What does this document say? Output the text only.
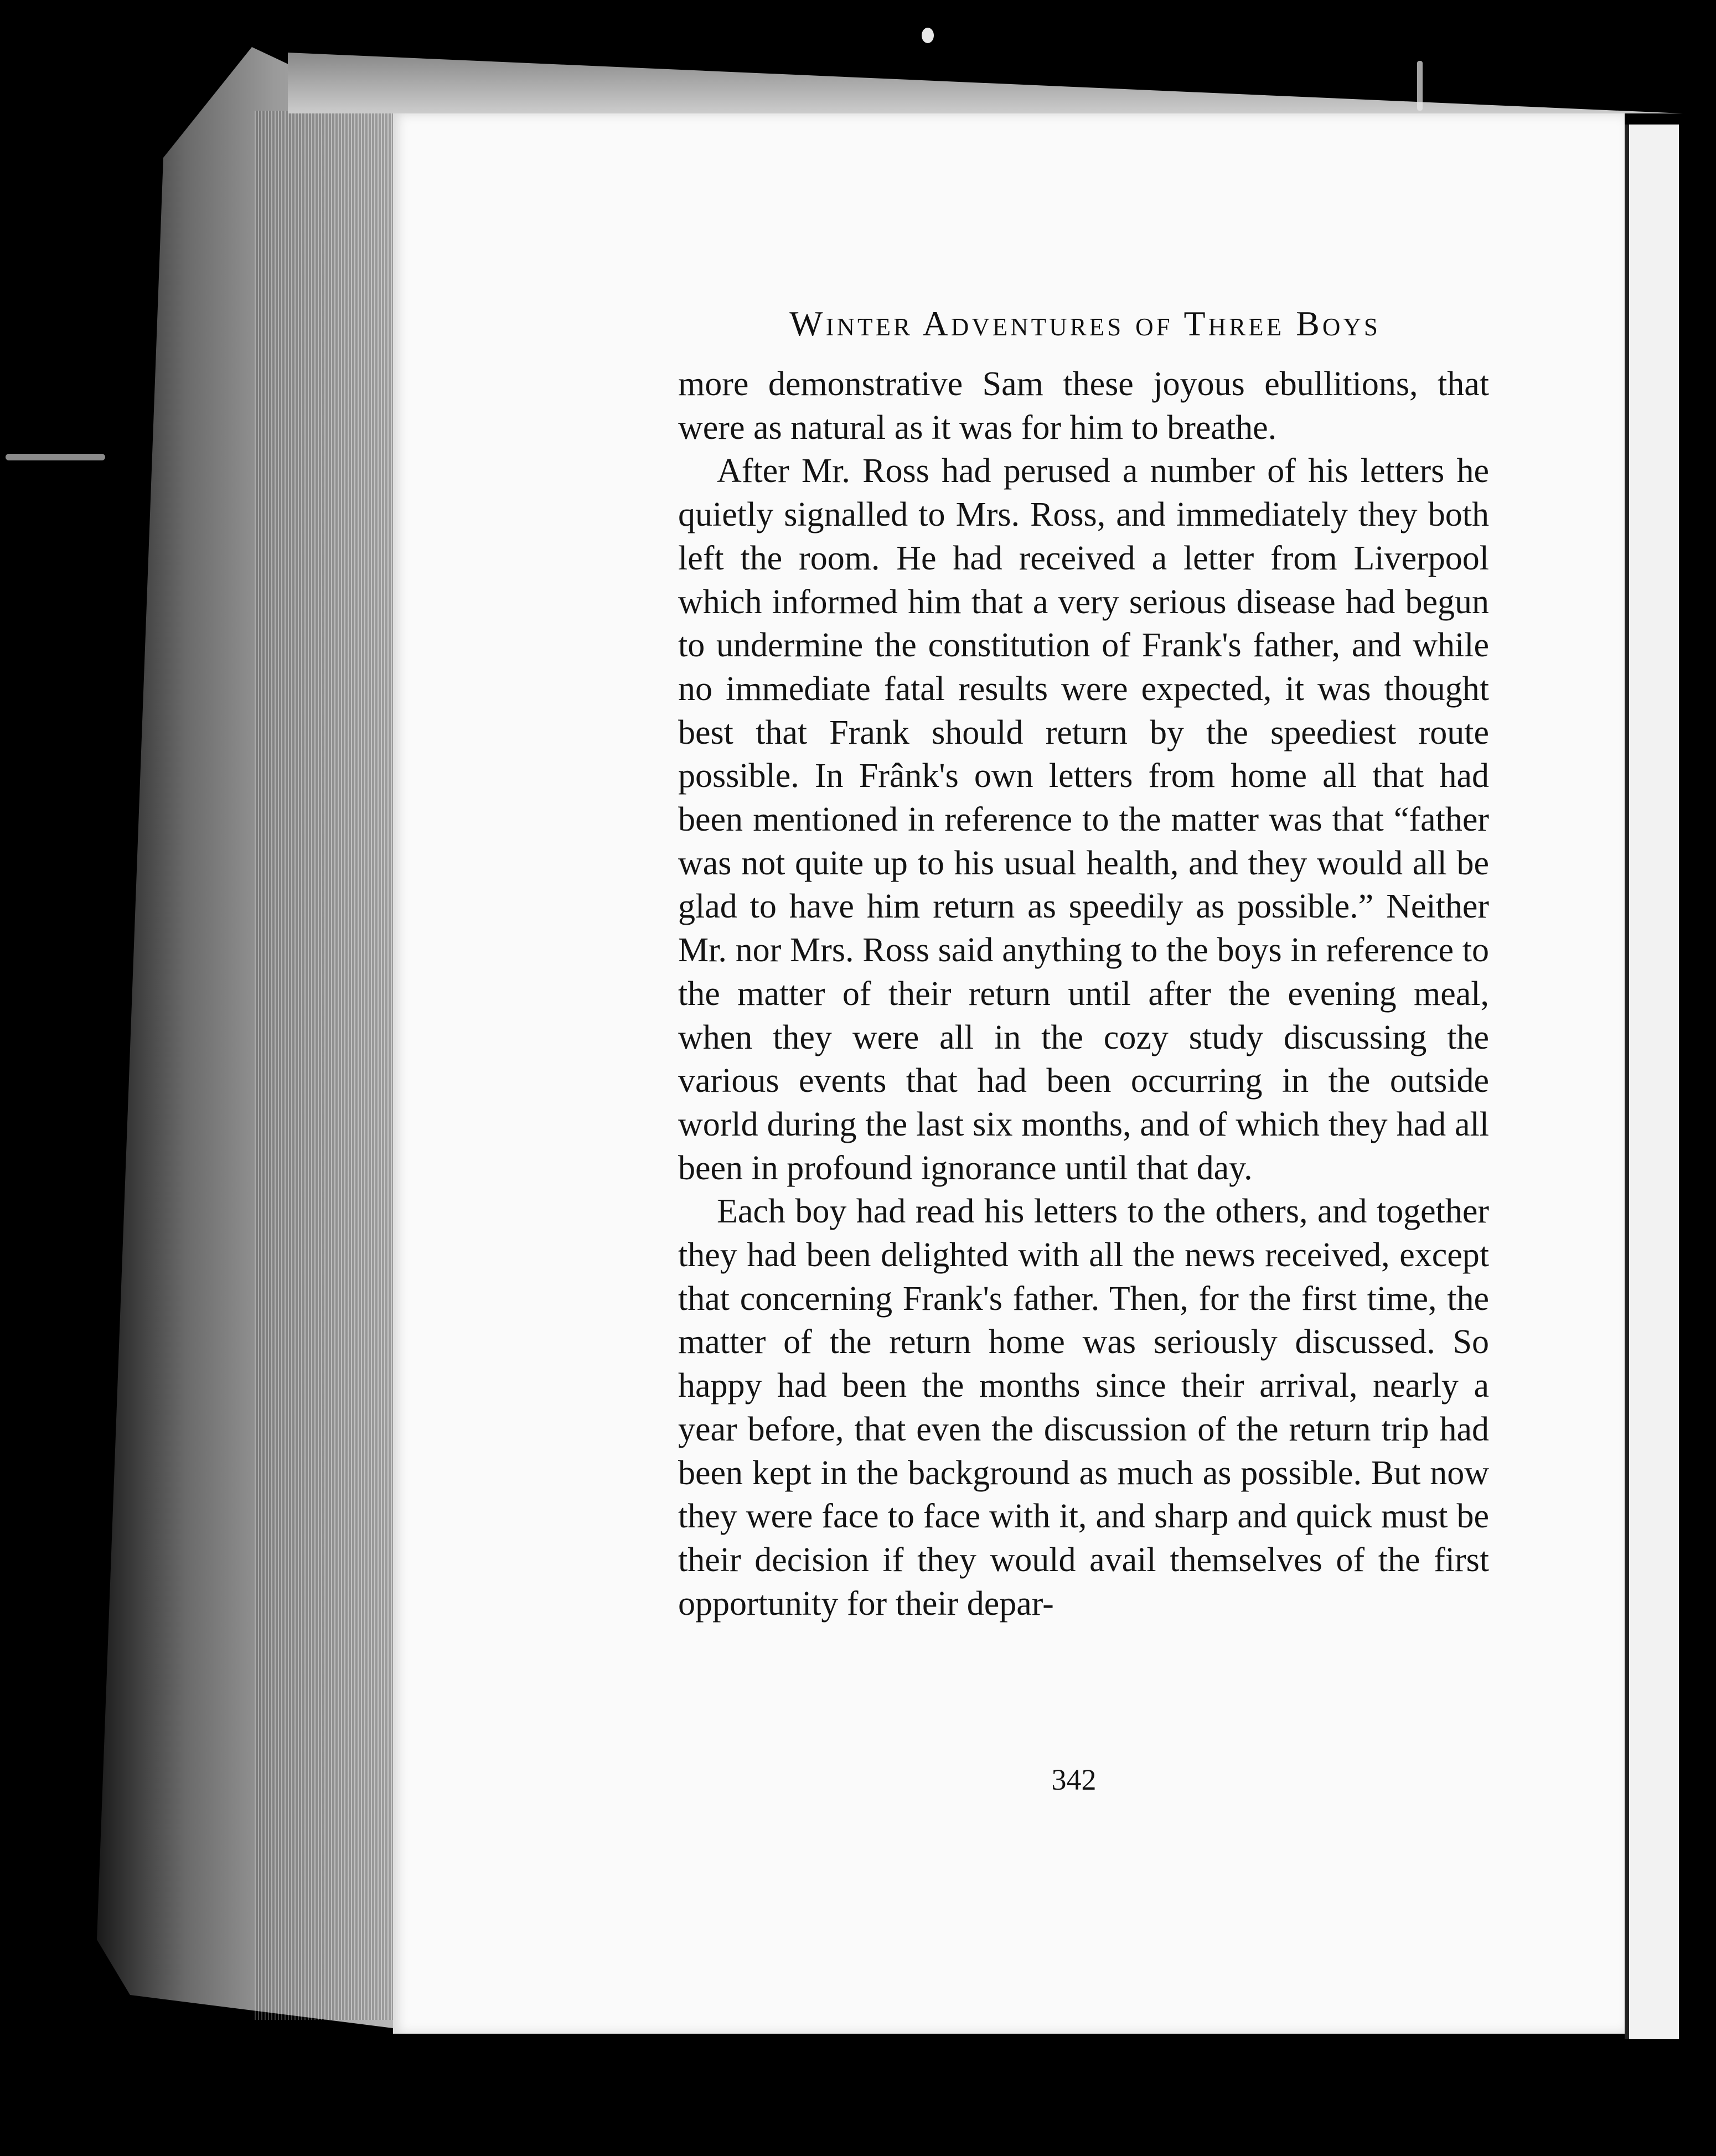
Winter Adventures of Three Boys

more demonstrative Sam these joyous ebullitions, that were as natural as it was for him to breathe.

After Mr. Ross had perused a number of his letters he quietly signalled to Mrs. Ross, and immediately they both left the room. He had received a letter from Liverpool which informed him that a very serious disease had begun to undermine the constitution of Frank's father, and while no immediate fatal results were expected, it was thought best that Frank should return by the speediest route possible. In Frânk's own letters from home all that had been mentioned in reference to the matter was that “father was not quite up to his usual health, and they would all be glad to have him return as speedily as possible.” Neither Mr. nor Mrs. Ross said anything to the boys in reference to the matter of their return until after the evening meal, when they were all in the cozy study discussing the various events that had been occurring in the outside world during the last six months, and of which they had all been in profound ignorance until that day.

Each boy had read his letters to the others, and together they had been delighted with all the news received, except that concerning Frank's father. Then, for the first time, the matter of the return home was seriously discussed. So happy had been the months since their arrival, nearly a year before, that even the discussion of the return trip had been kept in the background as much as possible. But now they were face to face with it, and sharp and quick must be their decision if they would avail themselves of the first opportunity for their depar-

342
